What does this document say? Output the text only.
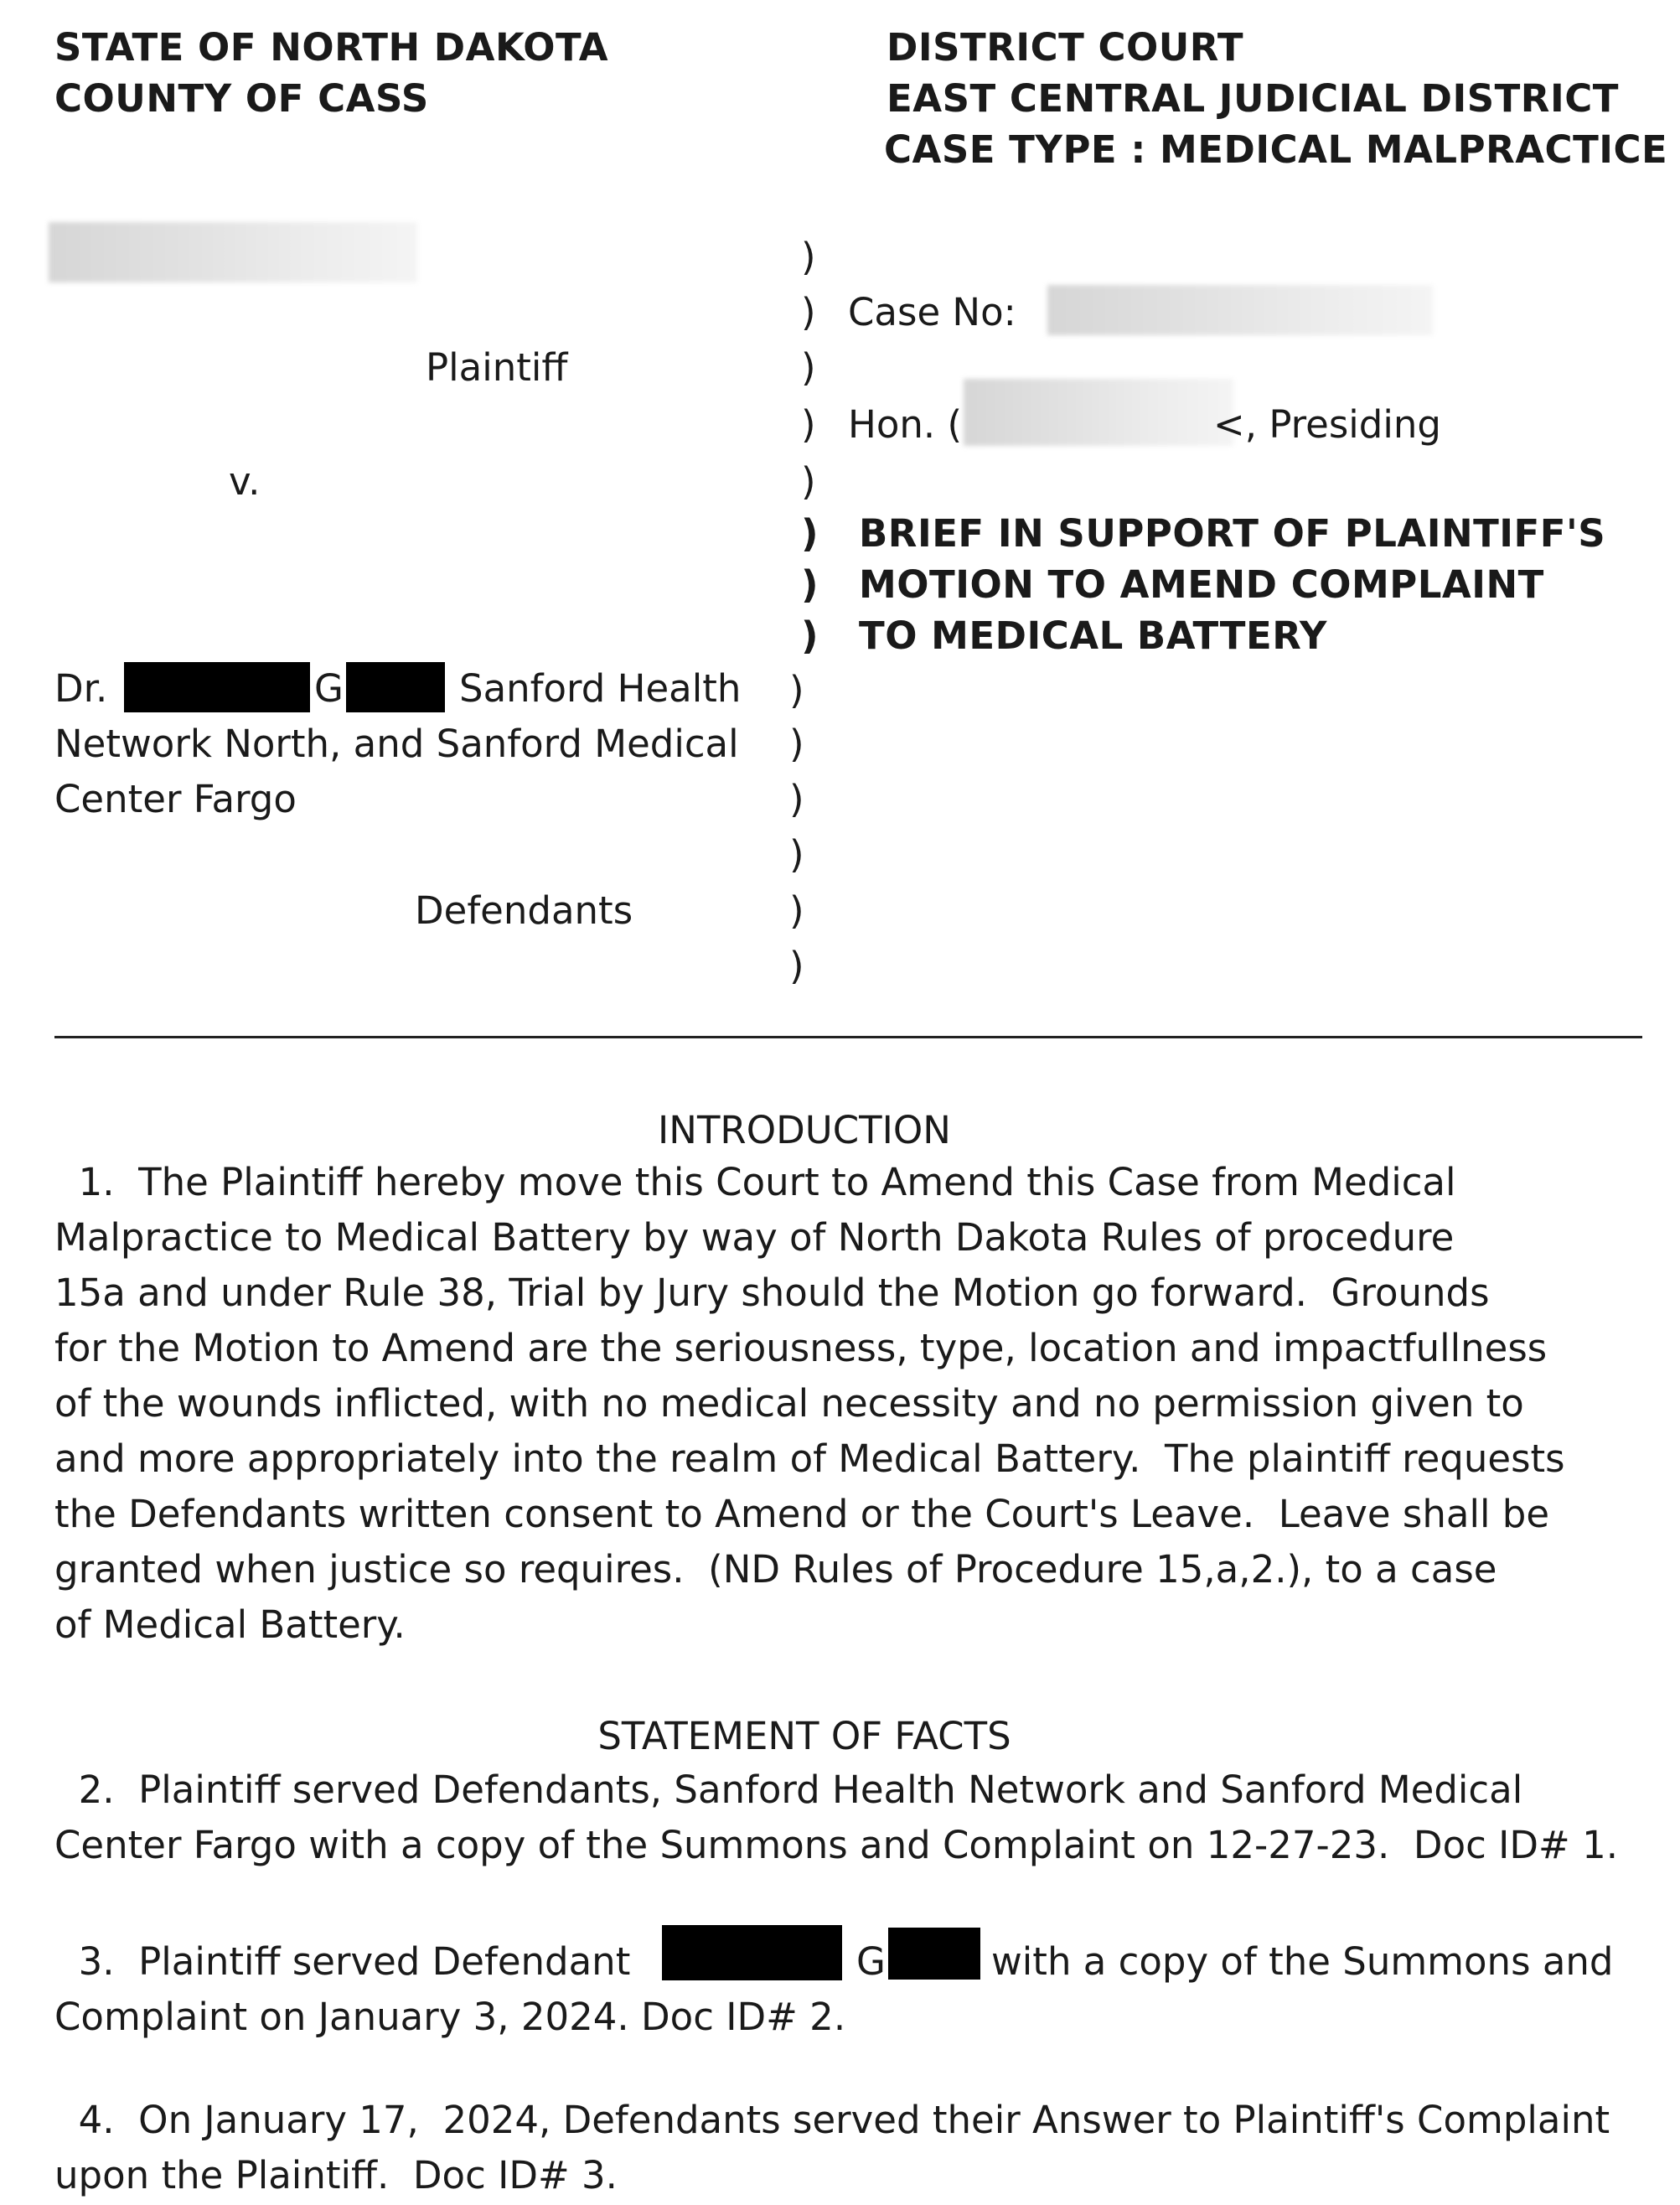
STATE OF NORTH DAKOTA
COUNTY OF CASS
DISTRICT COURT
EAST CENTRAL JUDICIAL DISTRICT
CASE TYPE : MEDICAL MALPRACTICE
Plaintiff
v.
Dr.	G	Sanford Health
Network North, and Sanford Medical
Center Fargo
Defendants
)
)
)
)
)
)
)
)
)
)
)
)
)
)
Case No:
Hon. (	<, Presiding
BRIEF IN SUPPORT OF PLAINTIFF'S
MOTION TO AMEND COMPLAINT
TO MEDICAL BATTERY
INTRODUCTION
1.  The Plaintiff hereby move this Court to Amend this Case from Medical
Malpractice to Medical Battery by way of North Dakota Rules of procedure
15a and under Rule 38, Trial by Jury should the Motion go forward.  Grounds
for the Motion to Amend are the seriousness, type, location and impactfullness
of the wounds inflicted, with no medical necessity and no permission given to
and more appropriately into the realm of Medical Battery.  The plaintiff requests
the Defendants written consent to Amend or the Court's Leave.  Leave shall be
granted when justice so requires.  (ND Rules of Procedure 15,a,2.), to a case
of Medical Battery.
STATEMENT OF FACTS
2.  Plaintiff served Defendants, Sanford Health Network and Sanford Medical
Center Fargo with a copy of the Summons and Complaint on 12-27-23.  Doc ID# 1.
3.  Plaintiff served Defendant	G	with a copy of the Summons and
Complaint on January 3, 2024. Doc ID# 2.
4.  On January 17,  2024, Defendants served their Answer to Plaintiff's Complaint
upon the Plaintiff.  Doc ID# 3.
